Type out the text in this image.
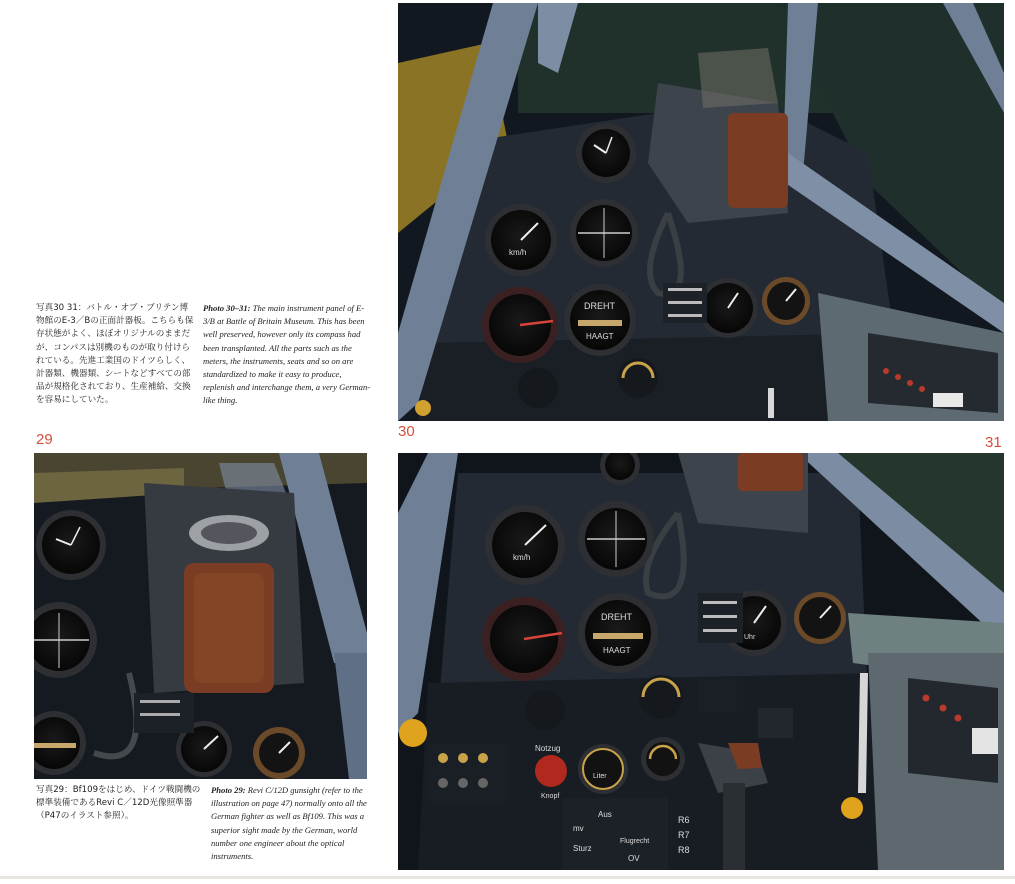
写真30 31：バトル・オブ・ブリテン博物館のE-3／Bの正面計器板。こちらも保存状態がよく、ほぼオリジナルのままだが、コンパスは別機のものが取り付けられている。先進工業国のドイツらしく、計器類、機器類、シートなどすべての部品が規格化されており、生産補給、交換を容易にしていた。
Photo 30–31: The main instrument panel of E-3/B at Battle of Britain Museum. This has been well preserved, however only its compass had been transplanted. All the parts such as the meters, the instruments, seats and so on are standardized to make it easy to produce, replenish and interchange them, a very German-like thing.
29	30
31
km/h
DREHT
HAAGT
km/h
DREHT
HAAGT
Uhr
Notzug
Knopf
Liter
Aus
mv
Sturz
Flugrecht
OV
R6
R7
R8
写真29：Bf109をはじめ、ドイツ戦闘機の標準装備であるRevi C／12D光像照準器（P47のイラスト参照）。
Photo 29: Revi C/12D gunsight (refer to the illustration on page 47) normally onto all the German fighter as well as Bf109. This was a superior sight made by the German, world number one engineer about the optical instruments.
